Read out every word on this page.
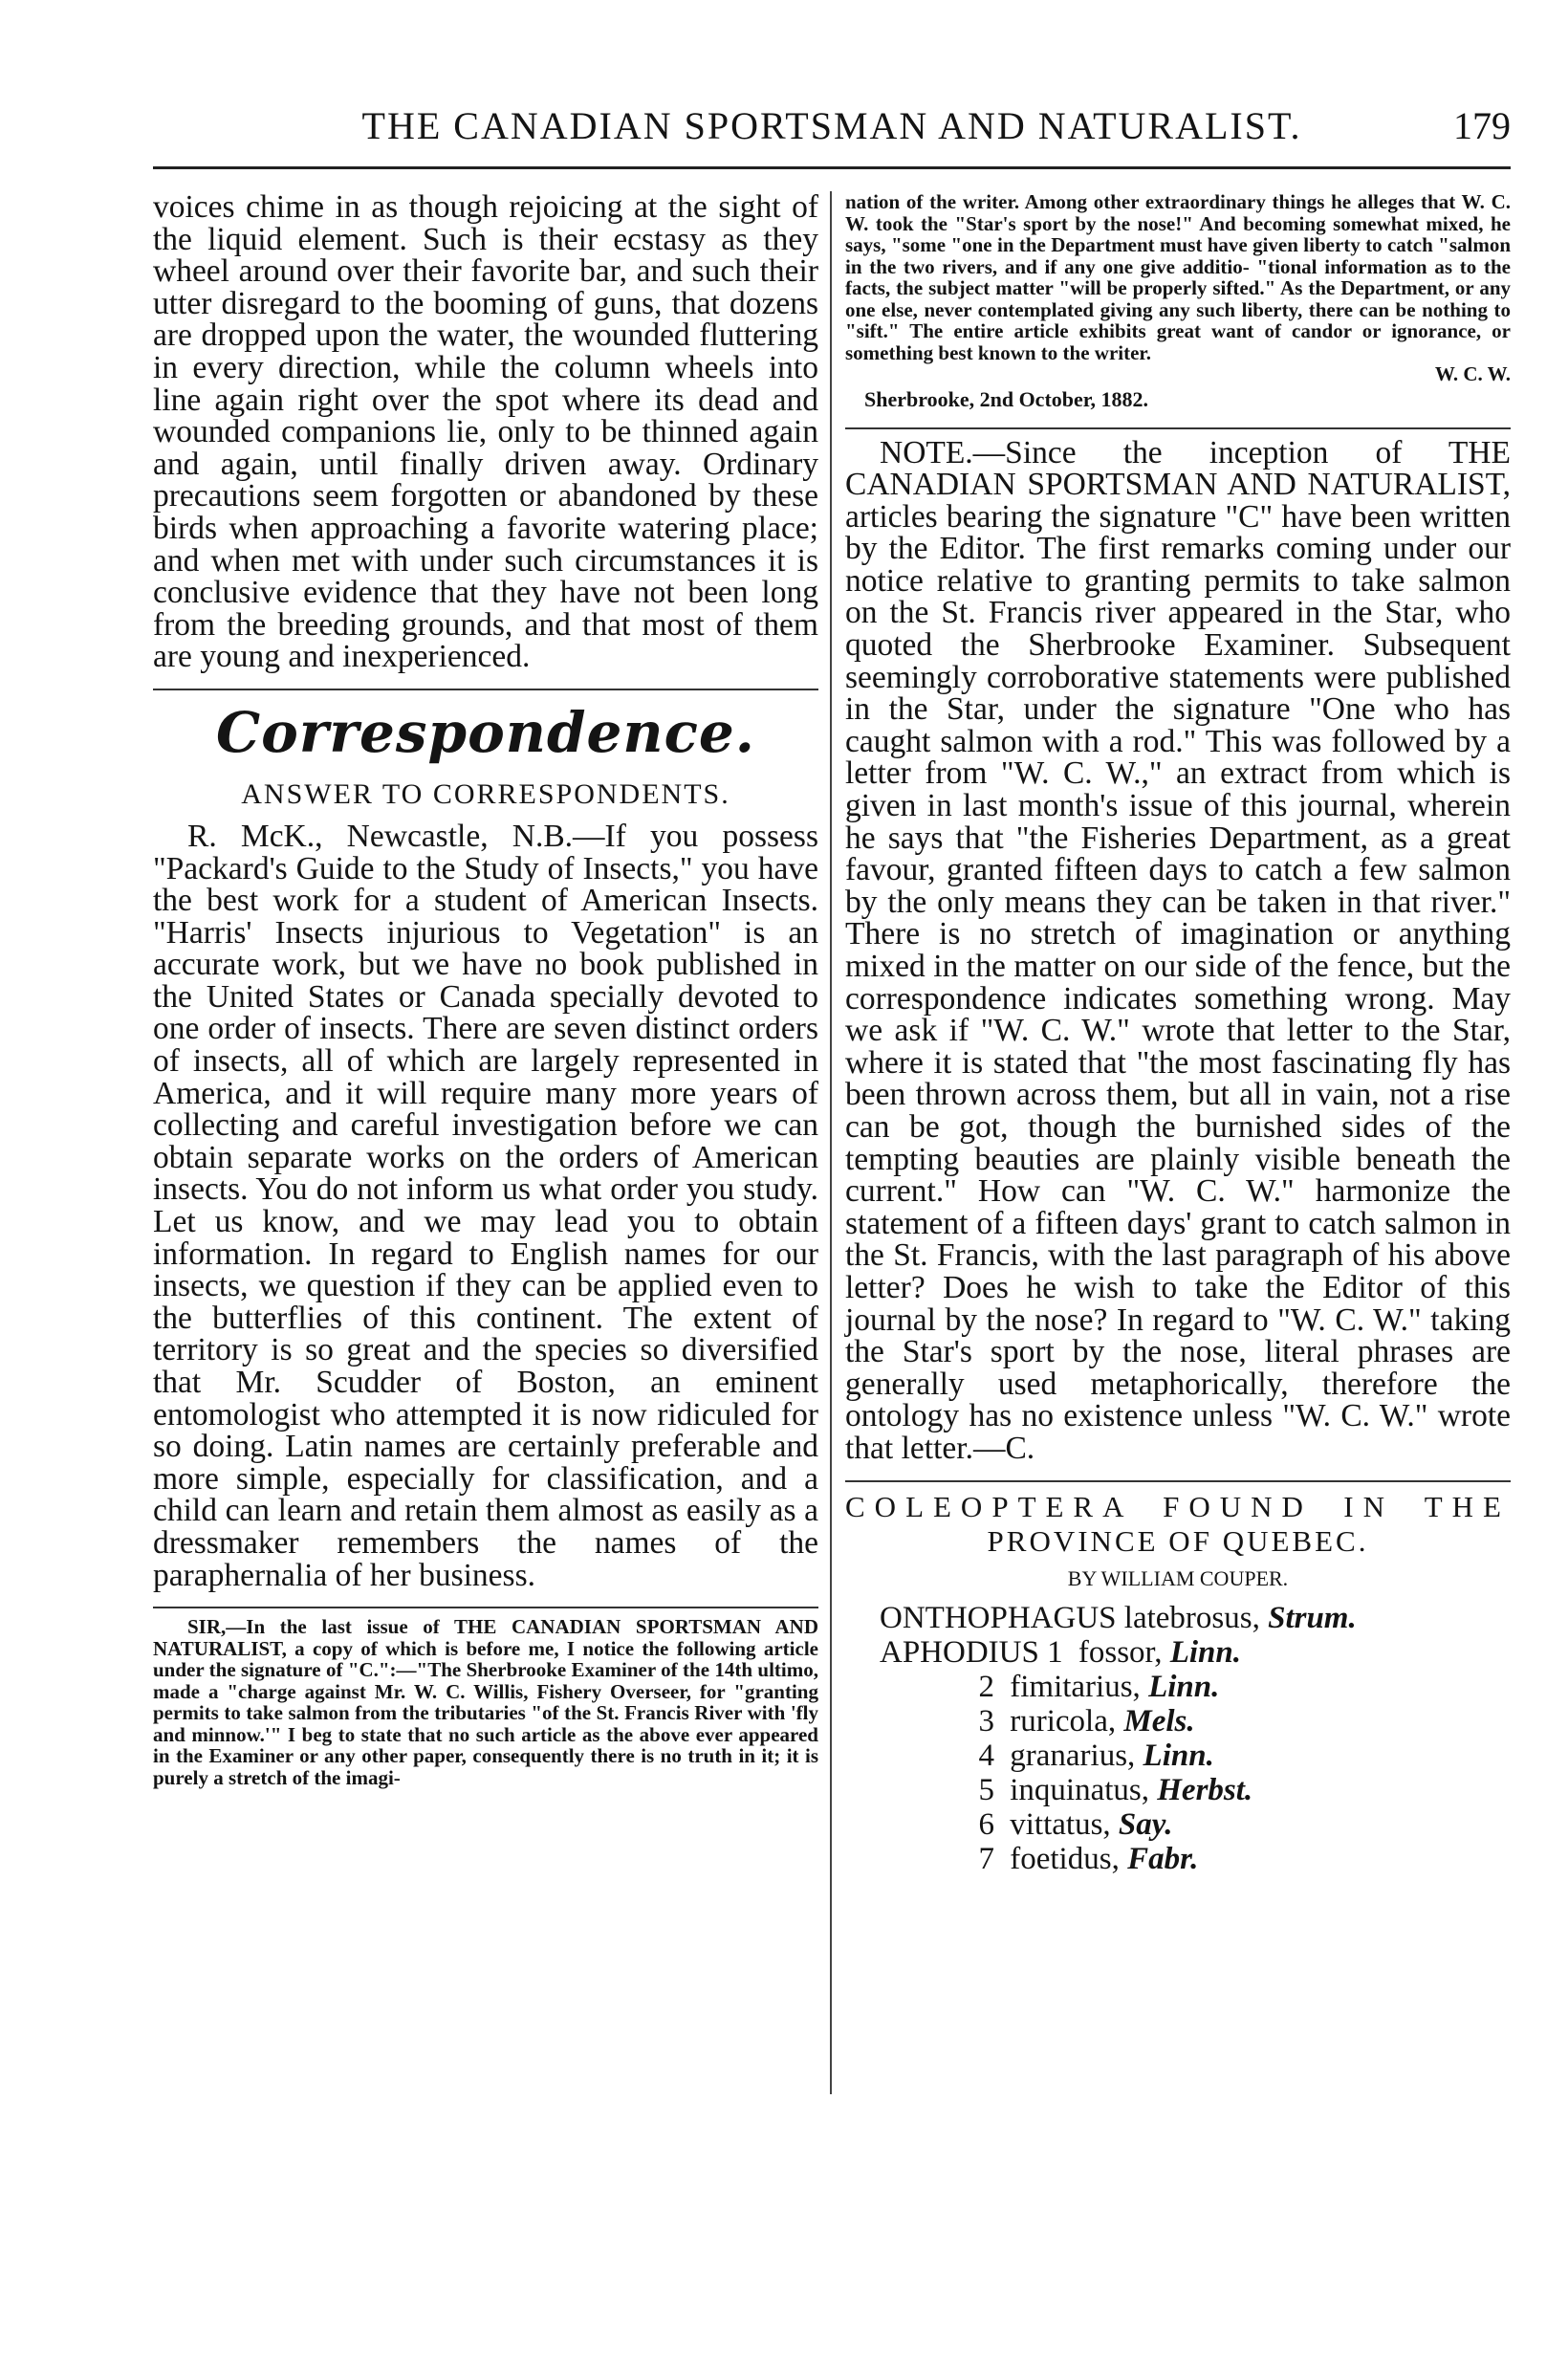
THE CANADIAN SPORTSMAN AND NATURALIST.	179

voices chime in as though rejoicing at the sight of the liquid element. Such is their ecstasy as they wheel around over their favorite bar, and such their utter disregard to the booming of guns, that dozens are dropped upon the water, the wounded fluttering in every direction, while the column wheels into line again right over the spot where its dead and wounded companions lie, only to be thinned again and again, until finally driven away. Ordinary precautions seem forgotten or abandoned by these birds when approaching a favorite watering place; and when met with under such circumstances it is conclusive evidence that they have not been long from the breeding grounds, and that most of them are young and inexperienced.

Correspondence.
ANSWER TO CORRESPONDENTS.

R. McK., Newcastle, N.B.—If you possess "Packard's Guide to the Study of Insects," you have the best work for a student of American Insects. "Harris' Insects injurious to Vegetation" is an accurate work, but we have no book published in the United States or Canada specially devoted to one order of insects. There are seven distinct orders of insects, all of which are largely represented in America, and it will require many more years of collecting and careful investigation before we can obtain separate works on the orders of American insects. You do not inform us what order you study. Let us know, and we may lead you to obtain information. In regard to English names for our insects, we question if they can be applied even to the butterflies of this continent. The extent of territory is so great and the species so diversified that Mr. Scudder of Boston, an eminent entomologist who attempted it is now ridiculed for so doing. Latin names are certainly preferable and more simple, especially for classification, and a child can learn and retain them almost as easily as a dressmaker remembers the names of the paraphernalia of her business.

SIR,—In the last issue of THE CANADIAN SPORTSMAN AND NATURALIST, a copy of which is before me, I notice the following article under the signature of "C.":—"The Sherbrooke Examiner of the 14th ultimo, made a "charge against Mr. W. C. Willis, Fishery Overseer, for "granting permits to take salmon from the tributaries "of the St. Francis River with 'fly and minnow.'" I beg to state that no such article as the above ever appeared in the Examiner or any other paper, consequently there is no truth in it; it is purely a stretch of the imagi-

nation of the writer. Among other extraordinary things he alleges that W. C. W. took the "Star's sport by the nose!" And becoming somewhat mixed, he says, "some "one in the Department must have given liberty to catch "salmon in the two rivers, and if any one give additio- "tional information as to the facts, the subject matter "will be properly sifted." As the Department, or any one else, never contemplated giving any such liberty, there can be nothing to "sift." The entire article exhibits great want of candor or ignorance, or something best known to the writer.

W. C. W.
Sherbrooke, 2nd October, 1882.

NOTE.—Since the inception of THE CANADIAN SPORTSMAN AND NATURALIST, articles bearing the signature "C" have been written by the Editor. The first remarks coming under our notice relative to granting permits to take salmon on the St. Francis river appeared in the Star, who quoted the Sherbrooke Examiner. Subsequent seemingly corroborative statements were published in the Star, under the signature "One who has caught salmon with a rod." This was followed by a letter from "W. C. W.," an extract from which is given in last month's issue of this journal, wherein he says that "the Fisheries Department, as a great favour, granted fifteen days to catch a few salmon by the only means they can be taken in that river." There is no stretch of imagination or anything mixed in the matter on our side of the fence, but the correspondence indicates something wrong. May we ask if "W. C. W." wrote that letter to the Star, where it is stated that "the most fascinating fly has been thrown across them, but all in vain, not a rise can be got, though the burnished sides of the tempting beauties are plainly visible beneath the current." How can "W. C. W." harmonize the statement of a fifteen days' grant to catch salmon in the St. Francis, with the last paragraph of his above letter? Does he wish to take the Editor of this journal by the nose? In regard to "W. C. W." taking the Star's sport by the nose, literal phrases are generally used metaphorically, therefore the ontology has no existence unless "W. C. W." wrote that letter.—C.

COLEOPTERA FOUND IN THE

PROVINCE OF QUEBEC.

BY WILLIAM COUPER.

ONTHOPHAGUS latebrosus, Strum.

APHODIUS 1 fossor, Linn.

2 fimitarius, Linn.

3 ruricola, Mels.

4 granarius, Linn.

5 inquinatus, Herbst.

6 vittatus, Say.

7 foetidus, Fabr.
